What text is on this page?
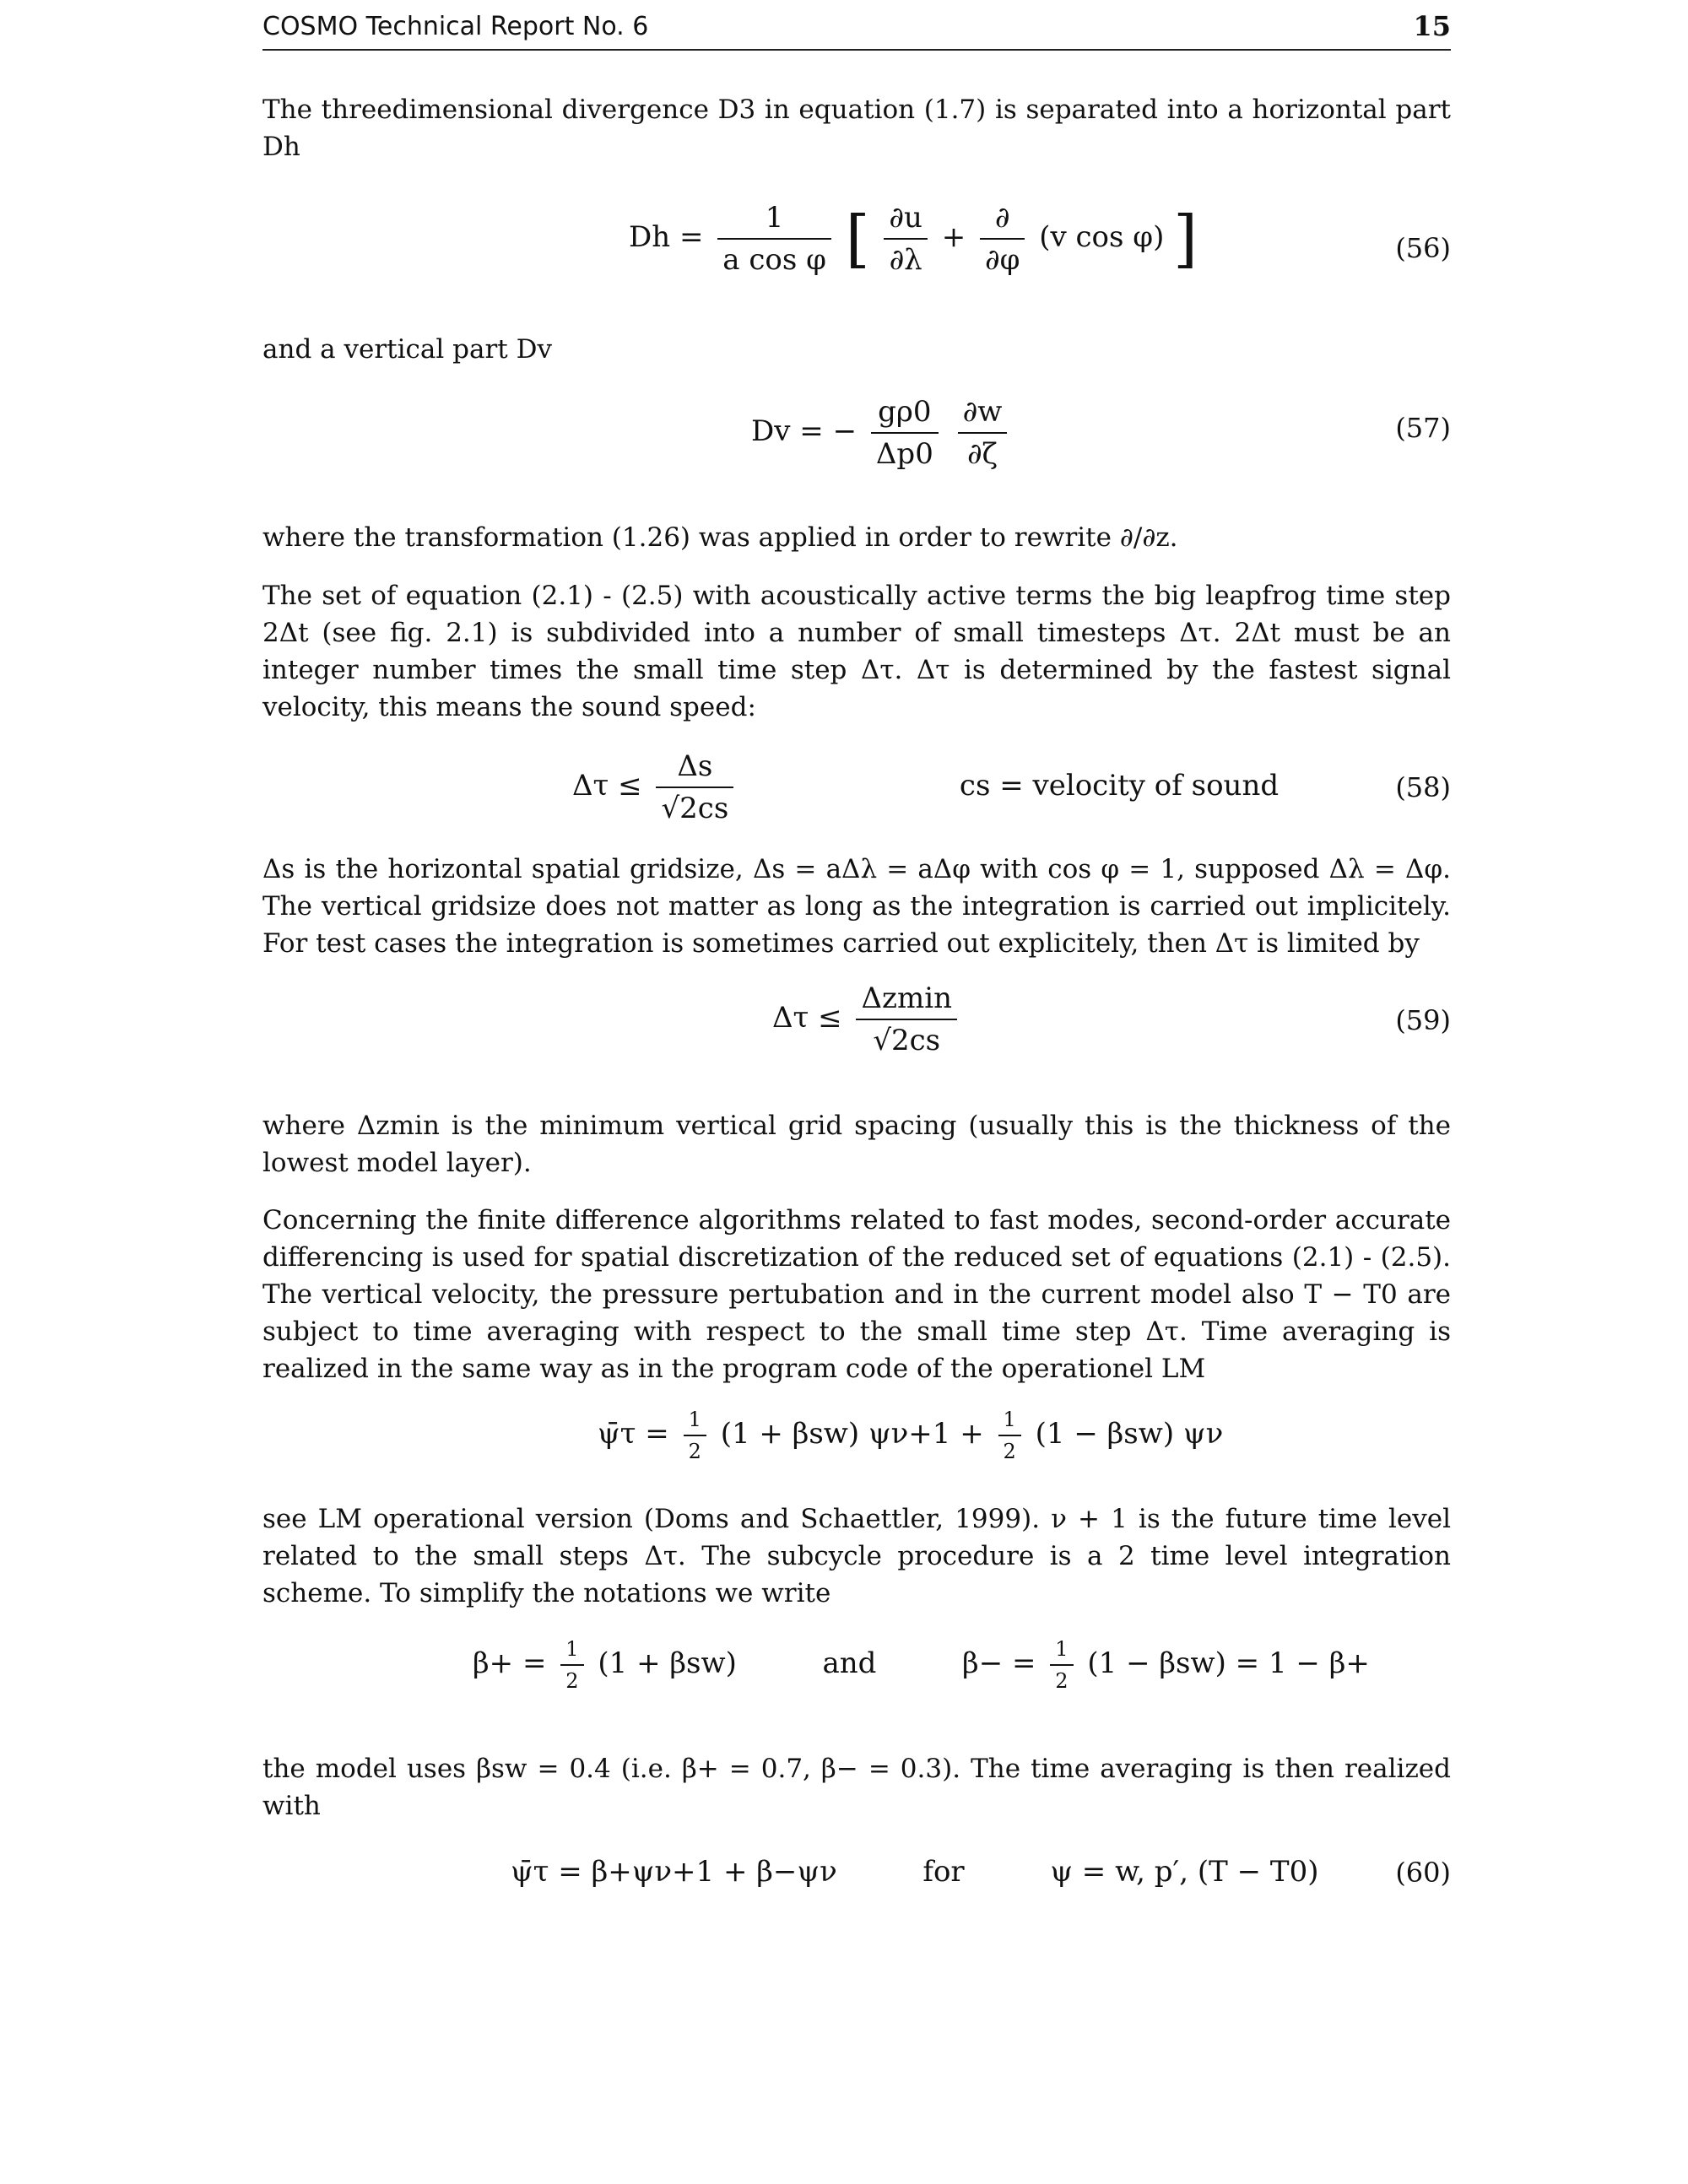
COSMO Technical Report No. 6	15
The threedimensional divergence D3 in equation (1.7) is separated into a horizontal part Dh
$Dh = \frac{1}{\text{a cos φ}}$ [ $\frac{\partial u}{\partial\lambda} + \frac{\partial}{\partial\varphi} (v$ cos φ) ]	(56)
and a vertical part Dv
Dv = − $\frac{g\rho 0}{\Delta p0}$
$\frac{\partial w}{\partial\zeta}$	(57)
where the transformation (1.26) was applied in order to rewrite ∂/∂z.
The set of equation (2.1) - (2.5) with acoustically active terms the big leapfrog time step 2Δt (see fig. 2.1) is subdivided into a number of small timesteps Δτ. 2Δt must be an integer number times the small time step Δτ. Δτ is determined by the fastest signal velocity, this means the sound speed:
$\Delta\tau \le \frac{\Delta s}{√2cs}$	cs = velocity of sound	(58)
Δs is the horizontal spatial gridsize, Δs = aΔλ = aΔφ with cos φ = 1, supposed Δλ = Δφ. The vertical gridsize does not matter as long as the integration is carried out implicitely. For test cases the integration is sometimes carried out explicitely, then Δτ is limited by
$\Delta\tau \le \frac{\Delta zmin}{√2cs}$	(59)
where Δzmin is the minimum vertical grid spacing (usually this is the thickness of the lowest model layer).
Concerning the finite difference algorithms related to fast modes, second-order accurate differencing is used for spatial discretization of the reduced set of equations (2.1) - (2.5). The vertical velocity, the pressure pertubation and in the current model also T − T0 are subject to time averaging with respect to the small time step Δτ. Time averaging is realized in the same way as in the program code of the operationel LM
ψ̄τ = $\frac{1}{2} (1 + \beta sw) \psi\nu+1 + \frac{1}{2} (1 - \beta sw)$ ψν
see LM operational version (Doms and Schaettler, 1999). ν + 1 is the future time level related to the small steps Δτ. The subcycle procedure is a 2 time level integration scheme. To simplify the notations we write
$\beta+ = \frac{1}{2} (1 + \beta sw)$	and	$\beta- = \frac{1}{2} (1 - \beta sw) = 1 - \beta+$
the model uses βsw = 0.4 (i.e. β+ = 0.7, β− = 0.3). The time averaging is then realized with
ψ̄τ = β+ψν+1 + β−ψν	for	ψ = w, p′, (T − T0)	(60)
